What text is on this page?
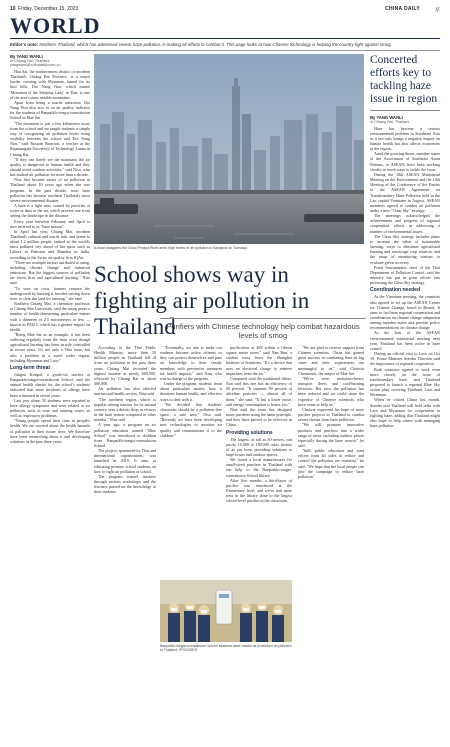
10 Friday, December 15, 2023	CHINA DAILY	京
WORLD
Editor's note: Northern Thailand, which has witnessed severe haze pollution, is making all efforts to combat it. This page looks at how Chinese technology is helping the country fight against smog.
By YANG WANLI
in Chiang Rai, Thailand
yangwanli@chinadaily.com.cn

Hua Sai, the northernmost district of northern Thailand's Chiang Rai Province, is a major border crossing with Myanmar, famed for its bird hills. Doi Nang Non, which means 'Mountain of the Sleeping Lady' in Thai, is one of the area's most notable mountains.

Apart from being a tourist attraction, Doi Nang Non also acts as an air quality indicator for the students of Banpaiklo-tongsi-sornsaksorn School in Mae Sai.

"The mountain is just a few kilometers away from the school and we taught students a simple way of recognizing air pollution levels using visibility between the school and Doi Nang Non," said Rosarin Bunvarit, a teacher at the Rajamangala University of Technology Lanna in Chiang Rai.

"If they can barely see the mountain, the air quality is dangerous to human health and they should avoid outdoor activities," said Nisa, who has studied air pollution for more than a decade.

Nisa first became aware of air pollution in Thailand about 10 years ago when she was pregnant. In the past decade, toxic haze pollution has become northern Thailand's most severe environmental disaster.

A haze is a light mist, caused by particles of water or dust in the air, which prevent one from seeing the landscape in the distance.

Every year between February and April is now referred to as "haze season".

In April last year, Chiang Mai, northern Thailand's cultural and tourist hub, and home to about 1.2 million people, ranked as the world's most polluted city ahead of hot spots such as Lahore in Pakistan and Mumbai in India, according to the Swiss air quality firm IQAir.

"There are multiple factors attributed to smog, including climate change and industrial emissions. But the biggest sources of pollution are forest fires and agricultural burning," Nisa said.

"To save on costs, farmers remove the undergrowth by burning it, besides cutting down trees to clear the land for farming," she said.

Northern Chiang Mai, a chemistry professor at Chiang Mai University, said the smog poses a number of health-threatening particulate matter with a diameter of 2.5 micrometers or less — known as PM2.5, which has a greater impact on health.

"Being Mae Sai as an example, it has been suffering regularly from the haze even though agricultural burning has been strictly controlled in recent years. It's not only a Thai issue, but also a problem in a much wider region, including Myanmar and Laos."

Long-term threat

Jutigan Kittipol, a grade-six teacher at Banpaiklo-tongsi-sornsaksorn School, said the annual health checks for the school's students indicated that more incidents of allergy have been witnessed in recent years.

Last year alone, 50 students were reported to have allergy symptoms and were related to air pollution, such as nose and running noses, as well as respiratory problems.

"Young people spend their time in people's health. We are worried about the health hazards of pollution to their future lives. We therefore have been researching about it and developing solutions in the past three years.

A local navigates the Chao Phraya River amid high levels of air pollution in Bangkok on Tuesday.
School shows way in fighting air pollution in Thailand
Purifiers with Chinese technology help combat hazardous levels of smog

According to the Thai Public Health Ministry, more than 10 million people in Thailand fell ill from air pollution in the past three years. Chiang Mai recorded the highest number at nearly 600,000, followed by Chiang Rai at about 400,000.

Air pollution has also affected tourism and health sectors, Nisa said.

"The northern region, which is popular among tourists for its natural scenery, sees a drastic drop in visitors in the haze season compared to other months," Nisa said.

A year ago, a program on air pollution education named "Blue School" was introduced to children from Banpaiklo-tongsi-sornsaksorn School.

The project, sponsored by Thai and international organizations, was launched in 2019. It aims at educating primary school students on how to fight air pollution at school.

The program trained teachers through various workshops, and the teachers passed on the knowledge to their students.

"Eventually, we aim to make our students become active citizens so they can protect themselves and pass on knowledge to their family members with preventive measures for health impacts," said Nisa, who was in charge of the program.

Under the program, students learn about particulate matter, how it threatens human health, and effective ways to deal with it.

"We decided that students' classroom should be a pollution-free space, a safe area," Nisa said. "Recently we have been developing new technologies to monitor air quality and communicate it to the children."

Banpaiklo-tongsi-sornsaksorn School students wear masks as protection on pollution in Thailand. PROVIDED

purification at 498 within a fifteen square meter room," said Nan Ruu, a student tutor from the Shanghai Institute of Scientists. "It's a device that uses an electrical charge to remove impurities from the air."

Compared with the traditional filters, Nan said this one has an efficiency of 90 percent. "It captures 99 percent of ultrafine particles — almost all of them," she said. "It has a lower noise, and energy consumption is better, too."

Nisa said the team has designed many purifiers using the same principle, and they have proved to be effective in China.

Providing solutions

The largest, as tall as 30 meters, can purify 10,000 to 180,000 cubic meters of air per hour, providing solutions to large towns and outdoor spaces.

We found a local manufacturer for small-sized purifiers in Thailand with our help to the Banpaiklo-tongsi-sornsaksorn School library.

After five months, a third-layer of purifier was introduced at the Elementary level, and we've had more tests in the library done to the largest school-level purifier in the classroom.

"We are glad to receive support from Chinese scientists. China has gained great success in combating haze in big cities and their experiences are meaningful to us," said Chaiwat Chomtassit, the mayor of Mae Sai.

"We've seen emissions-heavy transport fleets and coal-burning factories. But now the pollution has been reduced and we could share the expertise of Chinese scientists who have come to help us."

Chaiwat expressed his hope of more purifier projects in Thailand to combat severe threats from haze pollution.

"We will promote innovative products and purifiers into a wider range of areas, including outdoor places especially during the haze season," he said.

"Still, public education and joint efforts from all sides to reduce and control the pollution are essential," he said. "We hope that the local people can join the campaign to reduce haze pollution."

Concerted efforts key to tackling haze issue in region
By YANG WANLI
in Chiang Rai, Thailand

Haze has become a serious environmental problem in Southeast Asia as it not only brings a negative impact on human health but also affects economies in the region.

Amid the growing threat, member states of the Association of Southeast Asian Nations, or ASEAN, have been working closely to reach ways to tackle the issue.

During the 18th ASEAN Ministerial Meeting on the Environment and the 19th Meeting of the Conference of the Parties to the ASEAN Agreement on Transboundary Haze Pollution held in the Lao capital Vientiane in August, ASEAN members agreed to combat air pollution under a new "Clear Sky" strategy.

The meetings acknowledged the achievements and progress of regional cooperation efforts in addressing a number of environmental issues.

The Clear Sky strategy includes plans to increase the value of sustainable farming, ways to eliminate agricultural burning and encourage crop rotation, and the setup of monitoring stations to evaluate green recovery.

Prasit Suwannalert, chief of the Thai Department of Pollution Control, said the ministry has put in great efforts into promoting the Clear Sky strategy.

Coordination needed

At the Vientiane meeting, the countries also agreed to set up the ASEAN Center for Climate Change, based in Brunei. It aims to facilitate regional cooperation and coordination on climate change adaptation among member states and provide policy recommendations on climate change.

As the host of the ASEAN environmental ministerial meeting next year, Thailand has been active in haze control.

During an official visit to Laos on Oct 19, Prime Minister Srettha Thavisin said the importance of regional cooperation.

Both countries agreed to work even more closely on the issue of transboundary haze, and Thailand proposed to launch a regional Blue Sky action plan, covering Thailand, Laos and Myanmar.

When he visited China last month, Srettha said Thailand will hold talks with Laos and Myanmar for cooperation in fighting haze, adding that Thailand might also hope to help others with managing haze pollution.
